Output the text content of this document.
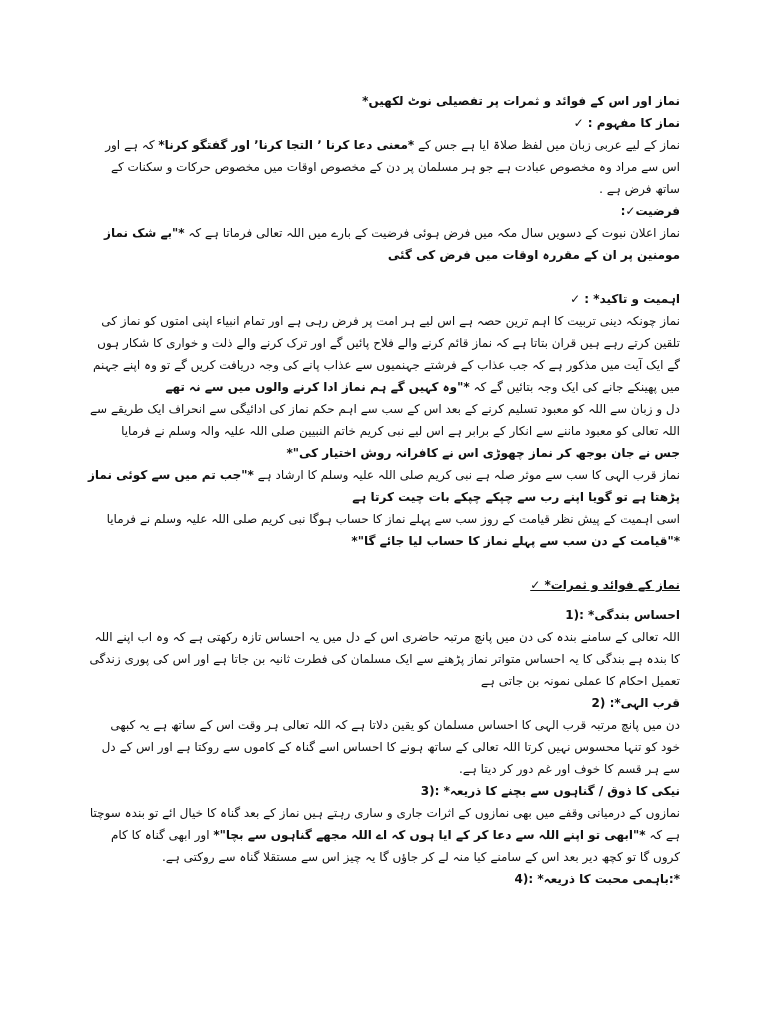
نماز اور اس کے فوائد و ثمرات پر تفصیلی نوٹ لکھیں*

نماز کا مفہوم : ✓

نماز کے لیے عربی زبان میں لفظ صلاۃ ایا ہے جس کے *معنی دعا کرنا ٬ التجا کرنا٬ اور گفتگو کرنا* کہ ہے اور اس سے مراد وہ مخصوص عبادت ہے جو ہر مسلمان پر دن کے مخصوص اوقات میں مخصوص حرکات و سکنات کے ساتھ فرض ہے .

فرضیت✓:

نماز اعلان نبوت کے دسویں سال مکہ میں فرض ہوئی فرضیت کے بارے میں اللہ تعالی فرماتا ہے کہ *"بے شک نماز مومنین پر ان کے مقررہ اوقات میں فرض کی گئی

اہمیت و تاکید* : ✓

نماز چونکہ دینی تربیت کا اہم ترین حصہ ہے اس لیے ہر امت پر فرض رہی ہے اور تمام انبیاء اپنی امتوں کو نماز کی تلقین کرتے رہے ہیں قران بتاتا ہے کہ نماز قائم کرنے والے فلاح پائیں گے اور ترک کرنے والے ذلت و خواری کا شکار ہوں گے ایک آیت میں مذکور ہے کہ جب عذاب کے فرشتے جہنمیوں سے عذاب پانے کی وجہ دریافت کریں گے تو وہ اپنے جہنم میں پھینکے جانے کی ایک وجہ بتائیں گے کہ *"وہ کہیں گے ہم نماز ادا کرنے والوں میں سے نہ تھے

دل و زبان سے اللہ کو معبود تسلیم کرنے کے بعد اس کے سب سے اہم حکم نماز کی ادائیگی سے انحراف ایک طریقے سے اللہ تعالی کو معبود ماننے سے انکار کے برابر ہے اس لیے نبی کریم خاتم النبیین صلی اللہ علیہ والہ وسلم نے فرمایا

جس نے جان بوجھ کر نماز چھوڑی اس نے کافرانہ روش اختیار کی"*

نماز قرب الہی کا سب سے موثر صلہ ہے نبی کریم صلی اللہ علیہ وسلم کا ارشاد ہے *"جب تم میں سے کوئی نماز پڑھتا ہے تو گویا اپنے رب سے چپکے چپکے بات چیت کرتا ہے

اسی اہمیت کے پیش نظر قیامت کے روز سب سے پہلے نماز کا حساب ہوگا نبی کریم صلی اللہ علیہ وسلم نے فرمایا

*"قیامت کے دن سب سے پہلے نماز کا حساب لیا جائے گا"*

نماز کے فوائد و ثمرات* ✓

احساس بندگی* :(1

اللہ تعالی کے سامنے بندہ کی دن میں پانچ مرتبہ حاضری اس کے دل میں یہ احساس تازہ رکھتی ہے کہ وہ اب اپنے اللہ کا بندہ ہے بندگی کا یہ احساس متواتر نماز پڑھنے سے ایک مسلمان کی فطرت ثانیہ بن جاتا ہے اور اس کی پوری زندگی تعمیل احکام کا عملی نمونہ بن جاتی ہے

قرب الہی*: (2

دن میں پانچ مرتبہ قرب الہی کا احساس مسلمان کو یقین دلاتا ہے کہ اللہ تعالی ہر وقت اس کے ساتھ ہے یہ کبھی خود کو تنہا محسوس نہیں کرتا اللہ تعالی کے ساتھ ہونے کا احساس اسے گناہ کے کاموں سے روکتا ہے اور اس کے دل سے ہر قسم کا خوف اور غم دور کر دیتا ہے.

نیکی کا ذوق / گناہوں سے بچنے کا ذریعہ* :(3

نمازوں کے درمیانی وقفے میں بھی نمازوں کے اثرات جاری و ساری رہتے ہیں نماز کے بعد گناہ کا خیال ائے تو بندہ سوچتا ہے کہ *"ابھی تو اپنے اللہ سے دعا کر کے ایا ہوں کہ اے اللہ مجھے گناہوں سے بچا"* اور ابھی گناہ کا کام کروں گا تو کچھ دیر بعد اس کے سامنے کیا منہ لے کر جاؤں گا یہ چیز اس سے مستقلا گناہ سے روکتی ہے.

*:باہمی محبت کا ذریعہ* :(4
